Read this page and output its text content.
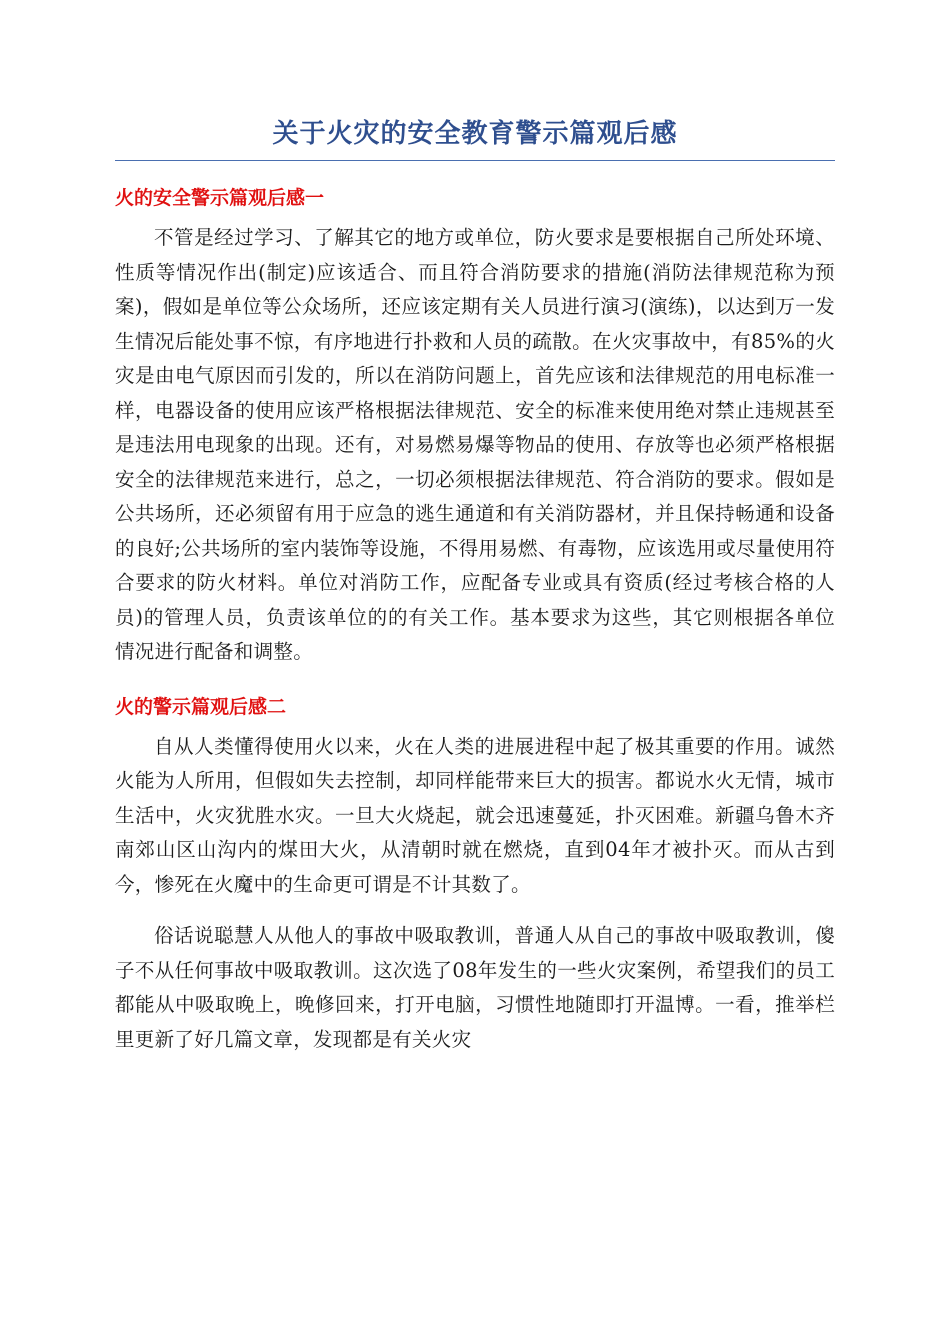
关于火灾的安全教育警示篇观后感
火的安全警示篇观后感一

不管是经过学习、了解其它的地方或单位，防火要求是要根据自己所处环境、性质等情况作出(制定)应该适合、而且符合消防要求的措施(消防法律规范称为预案)，假如是单位等公众场所，还应该定期有关人员进行演习(演练)，以达到万一发生情况后能处事不惊，有序地进行扑救和人员的疏散。在火灾事故中，有85%的火灾是由电气原因而引发的，所以在消防问题上，首先应该和法律规范的用电标准一样，电器设备的使用应该严格根据法律规范、安全的标准来使用绝对禁止违规甚至是违法用电现象的出现。还有，对易燃易爆等物品的使用、存放等也必须严格根据安全的法律规范来进行，总之，一切必须根据法律规范、符合消防的要求。假如是公共场所，还必须留有用于应急的逃生通道和有关消防器材，并且保持畅通和设备的良好;公共场所的室内装饰等设施，不得用易燃、有毒物，应该选用或尽量使用符合要求的防火材料。单位对消防工作，应配备专业或具有资质(经过考核合格的人员)的管理人员，负责该单位的的有关工作。基本要求为这些，其它则根据各单位情况进行配备和调整。

火的警示篇观后感二

自从人类懂得使用火以来，火在人类的进展进程中起了极其重要的作用。诚然火能为人所用，但假如失去控制，却同样能带来巨大的损害。都说水火无情，城市生活中，火灾犹胜水灾。一旦大火烧起，就会迅速蔓延，扑灭困难。新疆乌鲁木齐南郊山区山沟内的煤田大火，从清朝时就在燃烧，直到04年才被扑灭。而从古到今，惨死在火魔中的生命更可谓是不计其数了。

俗话说聪慧人从他人的事故中吸取教训，普通人从自己的事故中吸取教训，傻子不从任何事故中吸取教训。这次选了08年发生的一些火灾案例，希望我们的员工都能从中吸取晚上，晚修回来，打开电脑，习惯性地随即打开温博。一看，推举栏里更新了好几篇文章，发现都是有关火灾
